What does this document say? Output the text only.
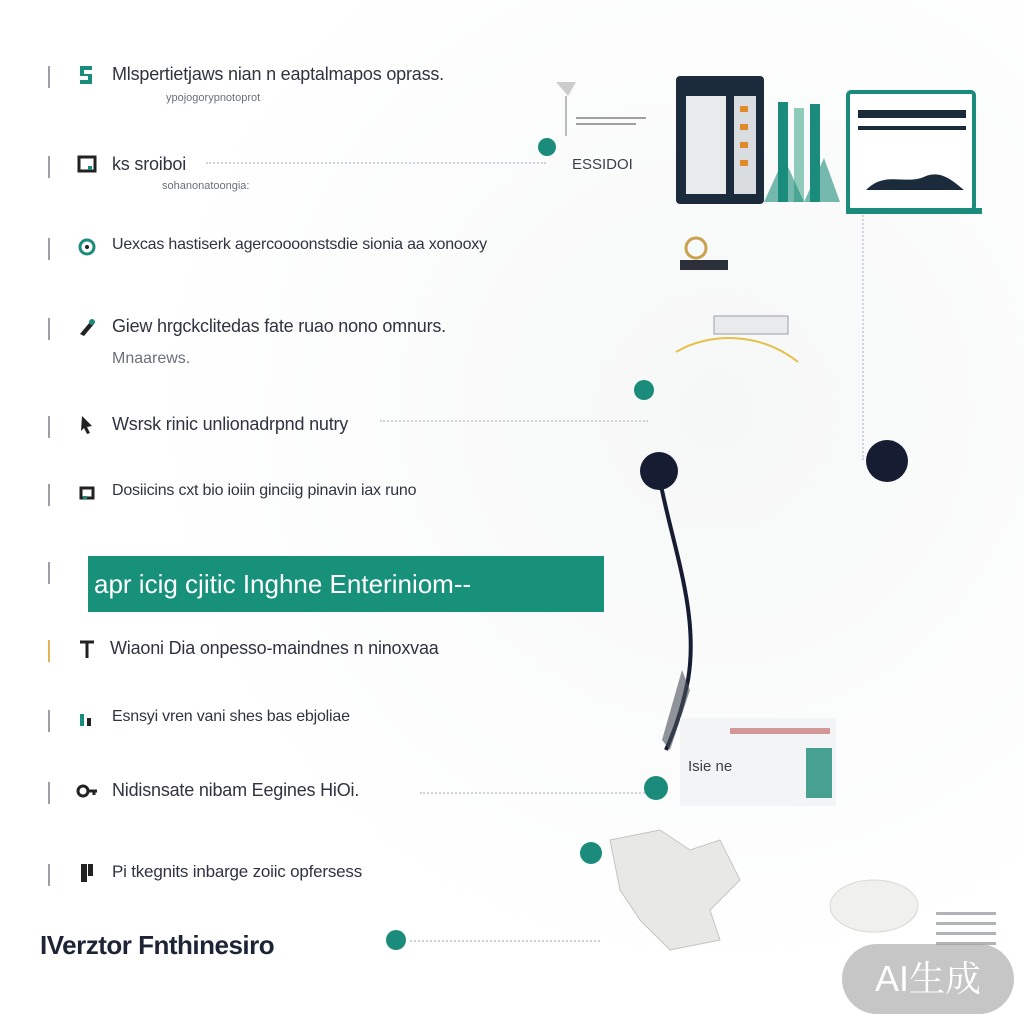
Mlspertietjaws nian n eaptalmapos oprass.
ypojogorypnotoprot
ks sroiboi
sohanonatoongia:
Uexcas hastiserk agercoooonstsdie sionia aa xonooxy
Giew hrgckclitedas fate ruao nono omnurs.
Mnaarews.
Wsrsk rinic unlionadrpnd nutry
Dosiicins cxt bio ioiin ginciig pinavin iax runo
apr icig cjitic Inghne Enteriniom--
Wiaoni Dia onpesso-maindnes n ninoxvaa
Esnsyi vren vani shes bas ebjoliae
Nidisnsate nibam Eegines HiOi.
Pi tkegnits inbarge zoiic opfersess
ESSIDOI
Isie ne
IVerztor Fnthinesiro
AI生成
